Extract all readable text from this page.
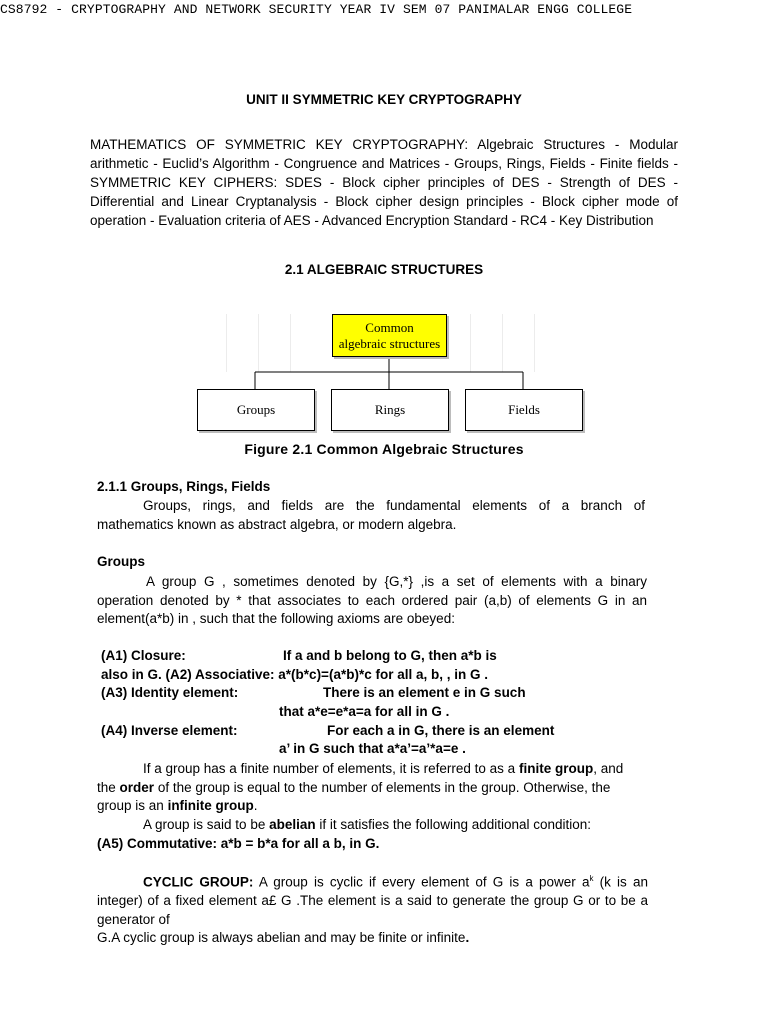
CS8792 - CRYPTOGRAPHY AND NETWORK SECURITY YEAR IV SEM 07 PANIMALAR ENGG COLLEGE
UNIT II SYMMETRIC KEY CRYPTOGRAPHY
MATHEMATICS OF SYMMETRIC KEY CRYPTOGRAPHY: Algebraic Structures - Modular
arithmetic - Euclid’s Algorithm - Congruence and Matrices - Groups, Rings, Fields - Finite fields -
SYMMETRIC KEY CIPHERS: SDES - Block cipher principles of DES - Strength of DES -
Differential and Linear Cryptanalysis - Block cipher design principles - Block cipher mode of
operation - Evaluation criteria of AES - Advanced Encryption Standard - RC4 - Key Distribution
2.1 ALGEBRAIC STRUCTURES
Common
algebraic structures
Groups	Rings	Fields
Figure 2.1 Common Algebraic Structures
2.1.1 Groups, Rings, Fields
Groups, rings, and fields are the fundamental elements of a branch of
mathematics known as abstract algebra, or modern algebra.
Groups
A group G , sometimes denoted by {G,*} ,is a set of elements with a binary
operation denoted by * that associates to each ordered pair (a,b) of elements G in an
element(a*b) in , such that the following axioms are obeyed:
(A1) Closure:	If a and b belong to G, then a*b is
also in G. (A2) Associative: a*(b*c)=(a*b)*c for all a, b, , in G .
(A3) Identity element:	There is an element e in G such
that a*e=e*a=a for all in G .
(A4) Inverse element:	For each a in G, there is an element
a’ in G such that a*a’=a’*a=e .
If a group has a finite number of elements, it is referred to as a finite group, and
the order of the group is equal to the number of elements in the group. Otherwise, the
group is an infinite group.
A group is said to be abelian if it satisfies the following additional condition:
(A5) Commutative: a*b = b*a for all a b, in G.
CYCLIC GROUP: A group is cyclic if every element of G is a power $a^k$ (k is an
integer) of a fixed element a£ G .The element is a said to generate the group G or to be a
generator of
G.A cyclic group is always abelian and may be finite or infinite.
